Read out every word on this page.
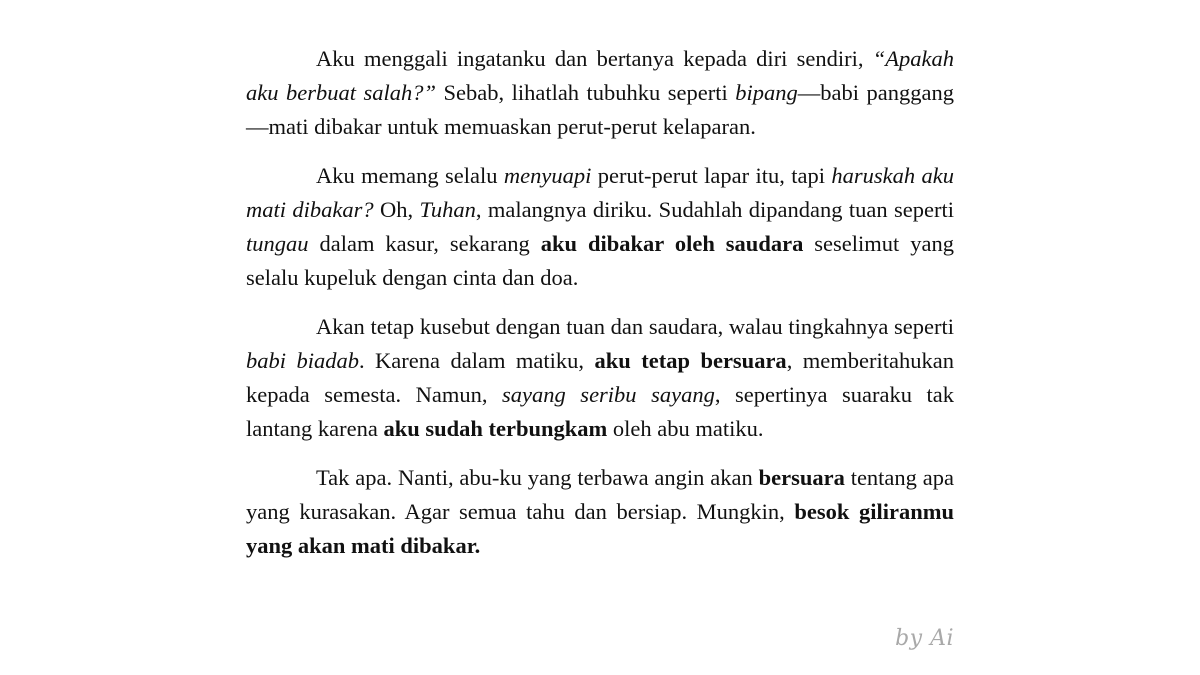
Aku menggali ingatanku dan bertanya kepada diri sendiri, “Apakah aku berbuat salah?” Sebab, lihatlah tubuhku seperti bipang—babi panggang—mati dibakar untuk memuaskan perut-perut kelaparan.

Aku memang selalu menyuapi perut-perut lapar itu, tapi haruskah aku mati dibakar? Oh, Tuhan, malangnya diriku. Sudahlah dipandang tuan seperti tungau dalam kasur, sekarang aku dibakar oleh saudara seselimut yang selalu kupeluk dengan cinta dan doa.

Akan tetap kusebut dengan tuan dan saudara, walau tingkahnya seperti babi biadab. Karena dalam matiku, aku tetap bersuara, memberitahukan kepada semesta. Namun, sayang seribu sayang, sepertinya suaraku tak lantang karena aku sudah terbungkam oleh abu matiku.

Tak apa. Nanti, abu-ku yang terbawa angin akan bersuara tentang apa yang kurasakan. Agar semua tahu dan bersiap. Mungkin, besok giliranmu yang akan mati dibakar.

by Ai
